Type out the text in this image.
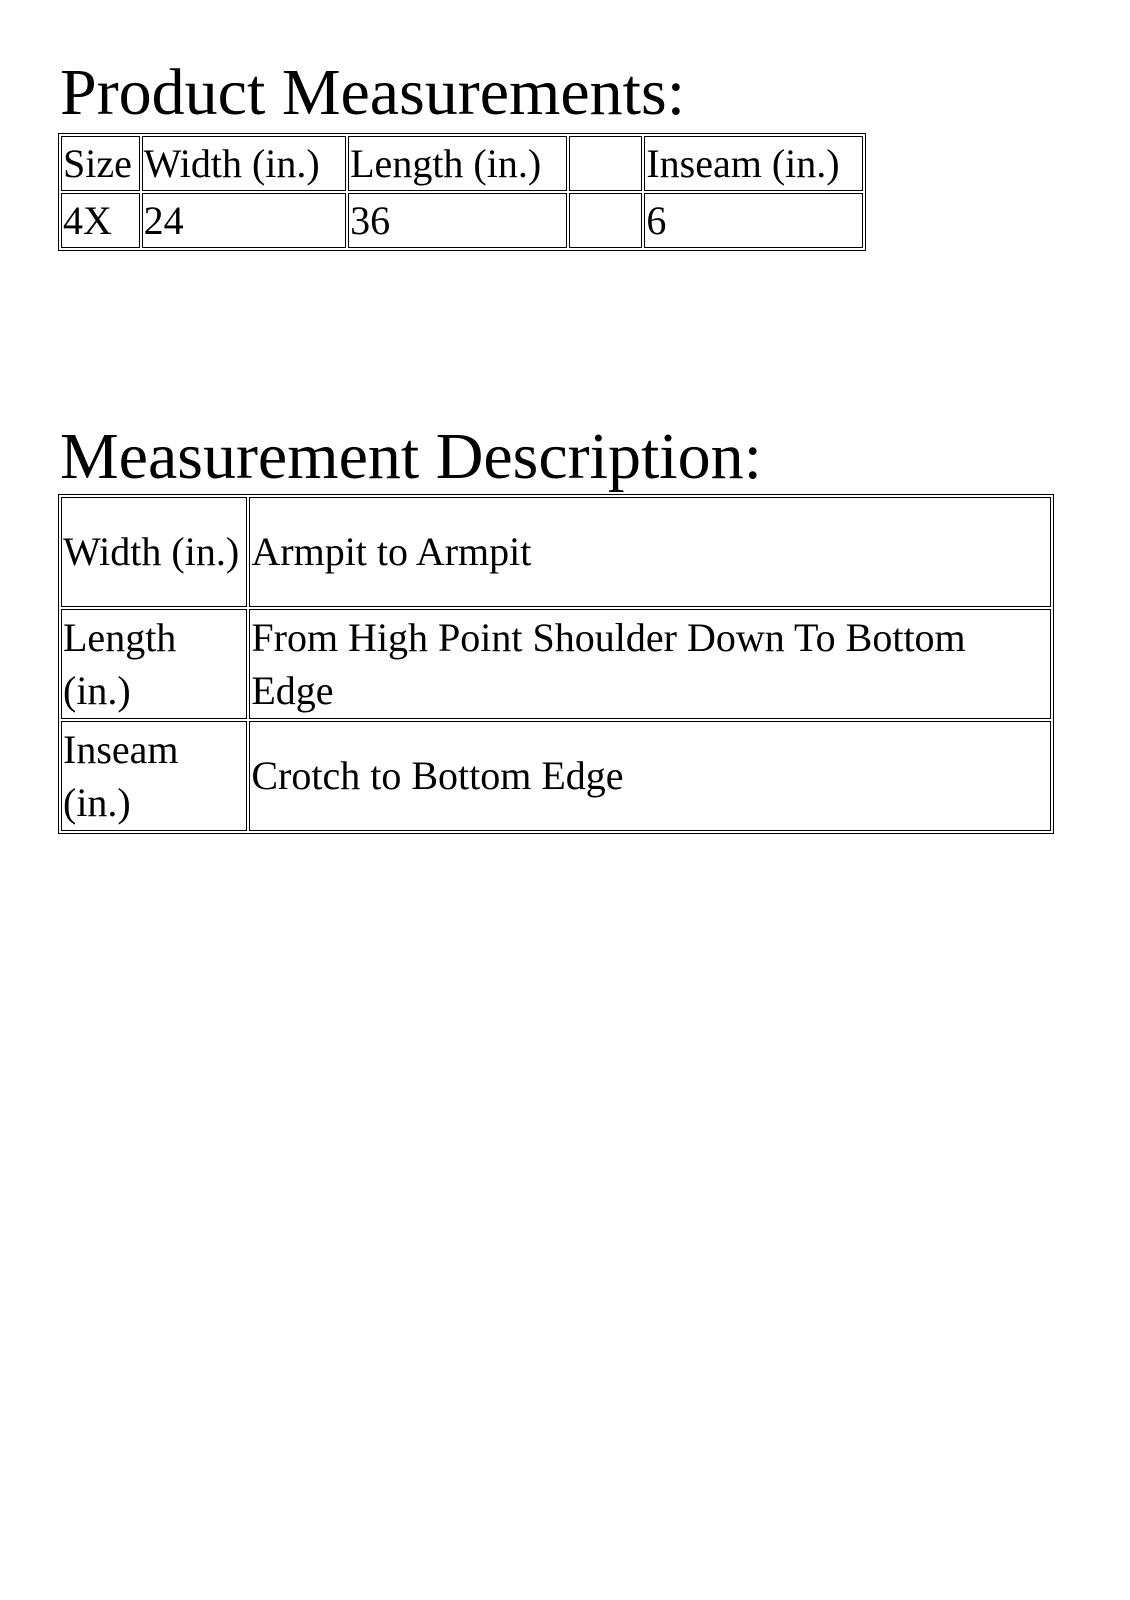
Product Measurements:
Size	Width (in.)	Length (in.)		Inseam (in.)
4X	24	36		6
Measurement Description:
Width (in.)	Armpit to Armpit
Length (in.)	From High Point Shoulder Down To Bottom Edge
Inseam (in.)	Crotch to Bottom Edge
